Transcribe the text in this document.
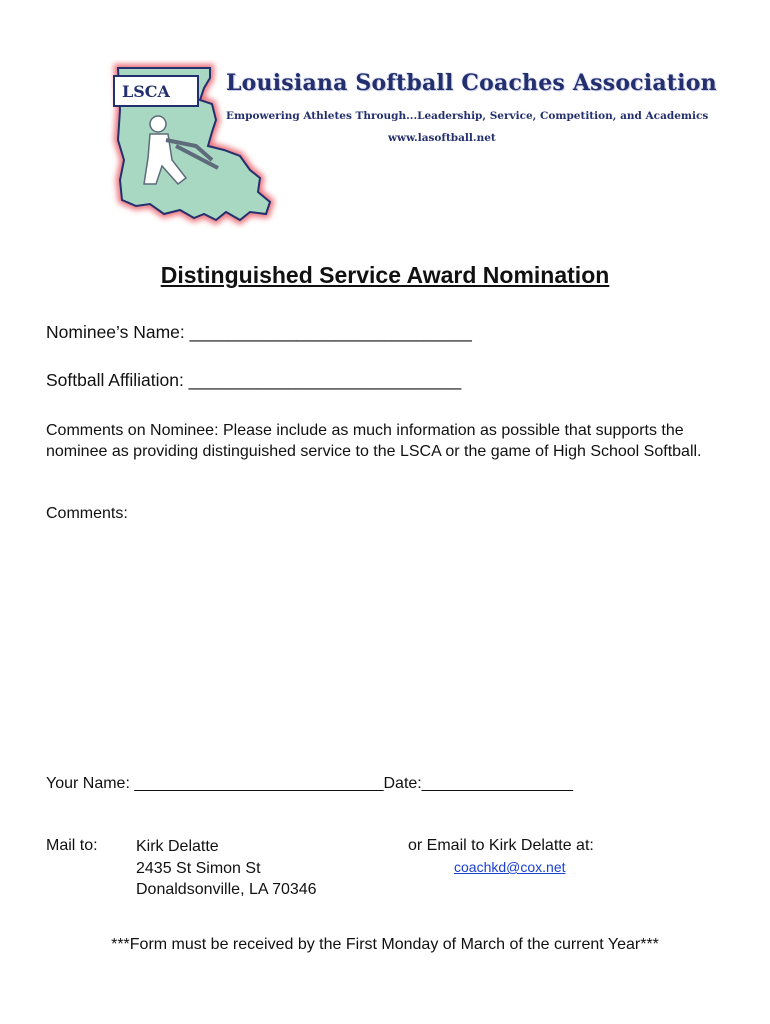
LSCA	Louisiana Softball Coaches Association
Empowering Athletes Through...Leadership, Service, Competition, and Academics
www.lasoftball.net
Distinguished Service Award Nomination
Nominee’s Name: _____________________________
Softball Affiliation: ____________________________
Comments on Nominee: Please include as much information as possible that supports the nominee as providing distinguished service to the LSCA or the game of High School Softball.
Comments:
Your Name: ____________________________Date:_________________
Mail to: Kirk Delatte
2435 St Simon St
Donaldsonville, LA 70346
or Email to Kirk Delatte at:
coachkd@cox.net
***Form must be received by the First Monday of March of the current Year***
